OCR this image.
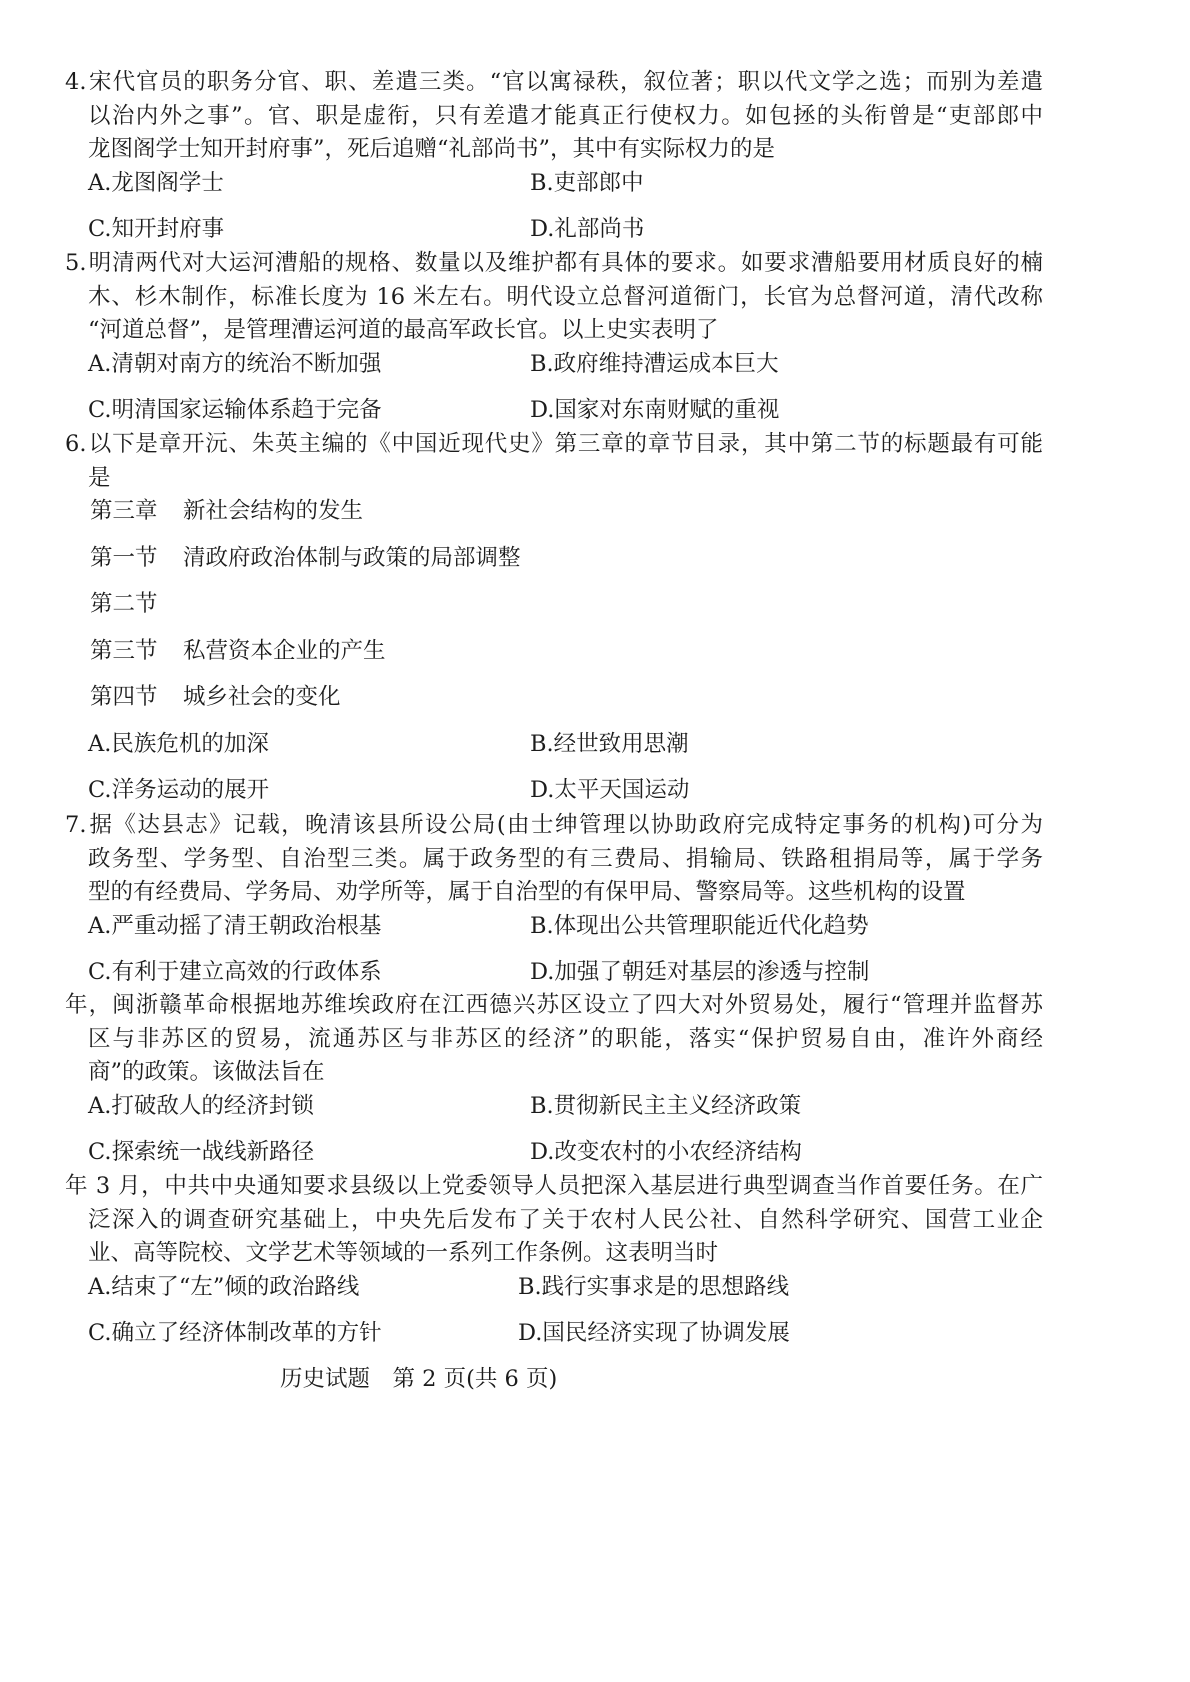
4.宋代官员的职务分官、职、差遣三类。“官以寓禄秩，叙位著；职以代文学之选；而别为差遣
以治内外之事”。官、职是虚衔，只有差遣才能真正行使权力。如包拯的头衔曾是“吏部郎中
龙图阁学士知开封府事”，死后追赠“礼部尚书”，其中有实际权力的是
A.龙图阁学士	B.吏部郎中
C.知开封府事	D.礼部尚书
5.明清两代对大运河漕船的规格、数量以及维护都有具体的要求。如要求漕船要用材质良好的楠
木、杉木制作，标准长度为 16 米左右。明代设立总督河道衙门，长官为总督河道，清代改称
“河道总督”，是管理漕运河道的最高军政长官。以上史实表明了
A.清朝对南方的统治不断加强	B.政府维持漕运成本巨大
C.明清国家运输体系趋于完备	D.国家对东南财赋的重视
6.以下是章开沅、朱英主编的《中国近现代史》第三章的章节目录，其中第二节的标题最有可能
是
第三章 新社会结构的发生
第一节 清政府政治体制与政策的局部调整
第二节
第三节 私营资本企业的产生
第四节 城乡社会的变化
A.民族危机的加深	B.经世致用思潮
C.洋务运动的展开	D.太平天国运动
7.据《达县志》记载，晚清该县所设公局(由士绅管理以协助政府完成特定事务的机构)可分为
政务型、学务型、自治型三类。属于政务型的有三费局、捐输局、铁路租捐局等，属于学务
型的有经费局、学务局、劝学所等，属于自治型的有保甲局、警察局等。这些机构的设置
A.严重动摇了清王朝政治根基	B.体现出公共管理职能近代化趋势
C.有利于建立高效的行政体系	D.加强了朝廷对基层的渗透与控制
年，闽浙赣革命根据地苏维埃政府在江西德兴苏区设立了四大对外贸易处，履行“管理并监督苏
区与非苏区的贸易，流通苏区与非苏区的经济”的职能，落实“保护贸易自由，准许外商经
商”的政策。该做法旨在
A.打破敌人的经济封锁	B.贯彻新民主主义经济政策
C.探索统一战线新路径	D.改变农村的小农经济结构
年 3 月，中共中央通知要求县级以上党委领导人员把深入基层进行典型调查当作首要任务。在广
泛深入的调查研究基础上，中央先后发布了关于农村人民公社、自然科学研究、国营工业企
业、高等院校、文学艺术等领域的一系列工作条例。这表明当时
A.结束了“左”倾的政治路线	B.践行实事求是的思想路线
C.确立了经济体制改革的方针	D.国民经济实现了协调发展
历史试题　第 2 页(共 6 页)
